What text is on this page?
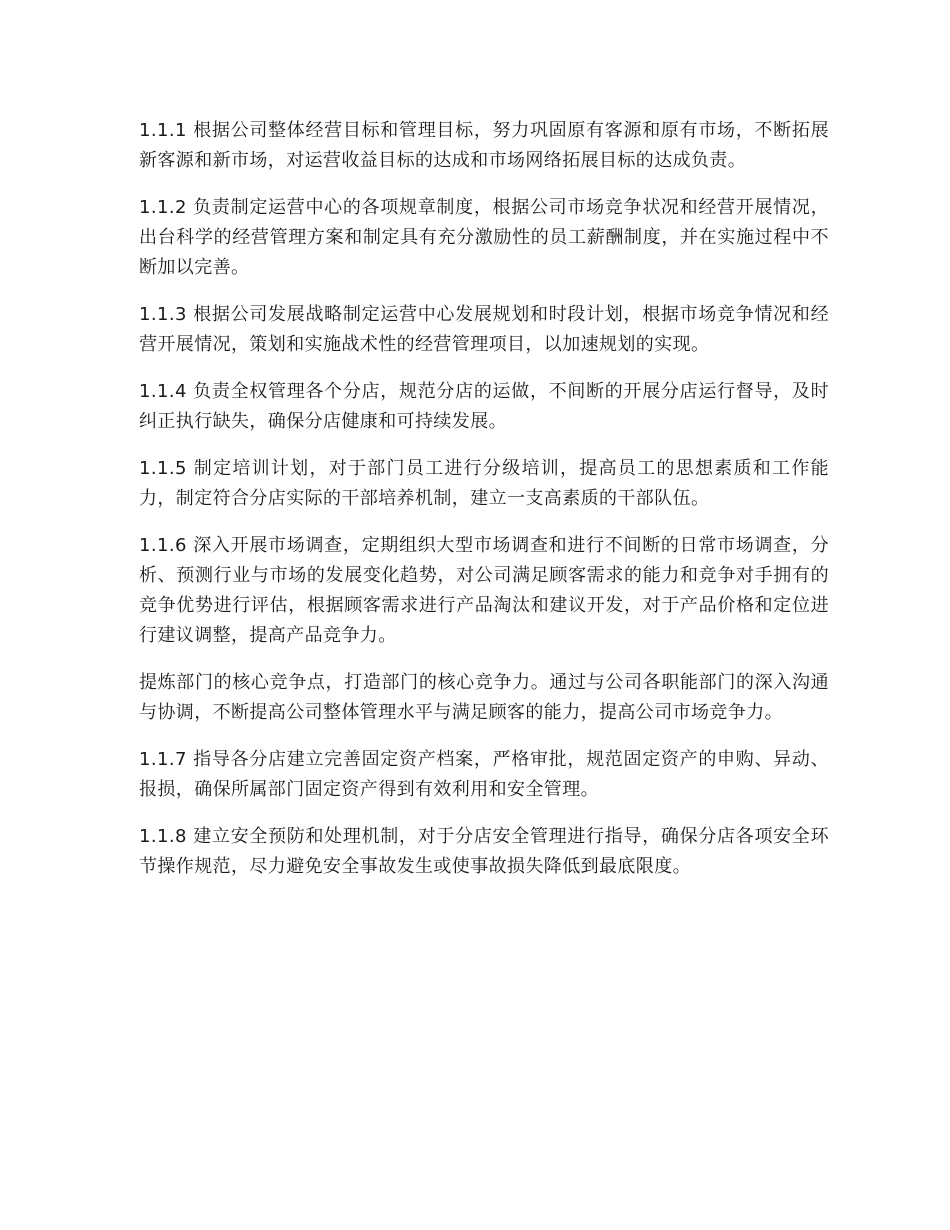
1.1.1 根据公司整体经营目标和管理目标，努力巩固原有客源和原有市场，不断拓展新客源和新市场，对运营收益目标的达成和市场网络拓展目标的达成负责。

1.1.2 负责制定运营中心的各项规章制度，根据公司市场竞争状况和经营开展情况，出台科学的经营管理方案和制定具有充分激励性的员工薪酬制度，并在实施过程中不断加以完善。

1.1.3 根据公司发展战略制定运营中心发展规划和时段计划，根据市场竞争情况和经营开展情况，策划和实施战术性的经营管理项目，以加速规划的实现。

1.1.4 负责全权管理各个分店，规范分店的运做，不间断的开展分店运行督导，及时纠正执行缺失，确保分店健康和可持续发展。

1.1.5 制定培训计划，对于部门员工进行分级培训，提高员工的思想素质和工作能力，制定符合分店实际的干部培养机制，建立一支高素质的干部队伍。

1.1.6 深入开展市场调查，定期组织大型市场调查和进行不间断的日常市场调查，分析、预测行业与市场的发展变化趋势，对公司满足顾客需求的能力和竞争对手拥有的竞争优势进行评估，根据顾客需求进行产品淘汰和建议开发，对于产品价格和定位进行建议调整，提高产品竞争力。

提炼部门的核心竞争点，打造部门的核心竞争力。通过与公司各职能部门的深入沟通与协调，不断提高公司整体管理水平与满足顾客的能力，提高公司市场竞争力。

1.1.7 指导各分店建立完善固定资产档案，严格审批，规范固定资产的申购、异动、报损，确保所属部门固定资产得到有效利用和安全管理。

1.1.8 建立安全预防和处理机制，对于分店安全管理进行指导，确保分店各项安全环节操作规范，尽力避免安全事故发生或使事故损失降低到最底限度。
